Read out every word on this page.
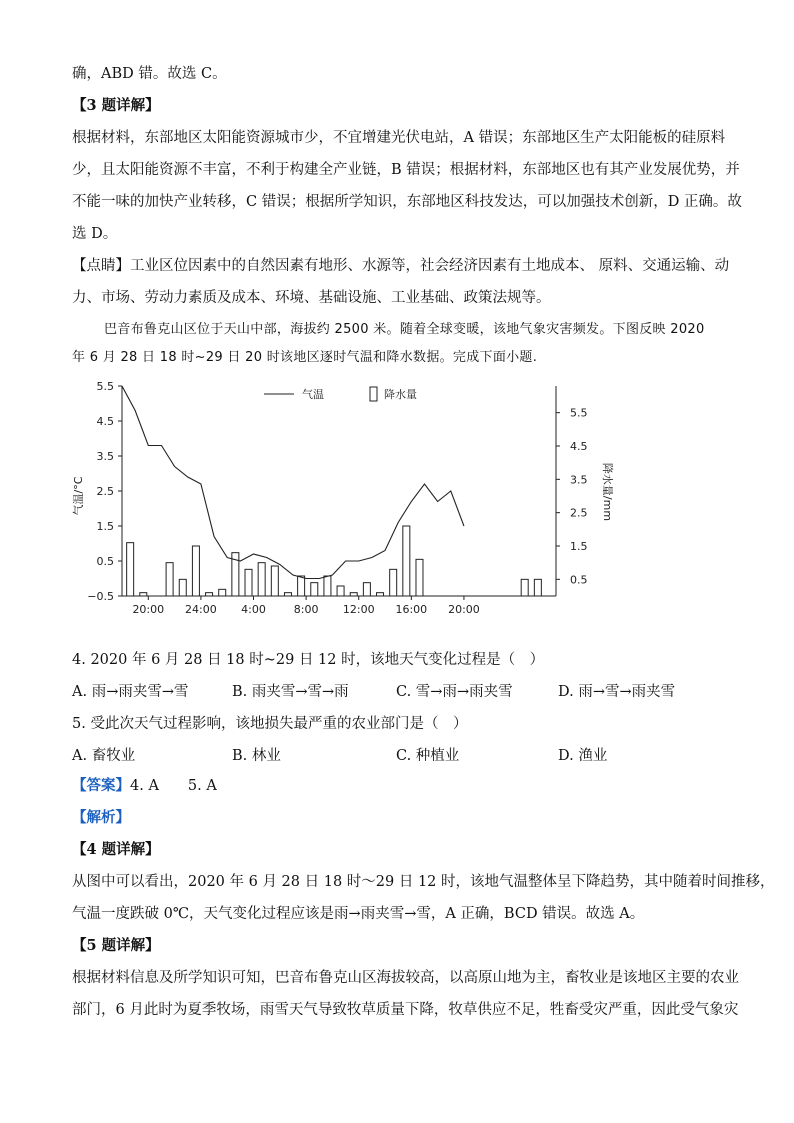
确，ABD 错。故选 C。
【3 题详解】
根据材料，东部地区太阳能资源城市少，不宜增建光伏电站，A 错误；东部地区生产太阳能板的硅原料
少，且太阳能资源不丰富，不利于构建全产业链，B 错误；根据材料，东部地区也有其产业发展优势，并
不能一味的加快产业转移，C 错误；根据所学知识，东部地区科技发达，可以加强技术创新，D 正确。故
选 D。
【点睛】工业区位因素中的自然因素有地形、水源等，社会经济因素有土地成本、 原料、交通运输、动
力、市场、劳动力素质及成本、环境、基础设施、工业基础、政策法规等。
巴音布鲁克山区位于天山中部，海拔约 2500 米。随着全球变暖，该地气象灾害频发。下图反映 2020
年 6 月 28 日 18 时~29 日 20 时该地区逐时气温和降水数据。完成下面小题.
5.5
4.5
3.5
2.5
1.5
0.5
−0.5
气温/°C
5.5
4.5
3.5
2.5
1.5
0.5
降水量/mm
20:00 24:00 4:00	8:00 12:00 16:00 20:00
气温	降水量
4. 2020 年 6 月 28 日 18 时~29 日 12 时，该地天气变化过程是（　）
A. 雨→雨夹雪→雪	B. 雨夹雪→雪→雨	C. 雪→雨→雨夹雪	D. 雨→雪→雨夹雪
5. 受此次天气过程影响，该地损失最严重的农业部门是（　）
A. 畜牧业	B. 林业	C. 种植业	D. 渔业
【答案】4. A　　5. A
【解析】
【4 题详解】
从图中可以看出，2020 年 6 月 28 日 18 时～29 日 12 时，该地气温整体呈下降趋势，其中随着时间推移，
气温一度跌破 0℃，天气变化过程应该是雨→雨夹雪→雪，A 正确，BCD 错误。故选 A。
【5 题详解】
根据材料信息及所学知识可知，巴音布鲁克山区海拔较高，以高原山地为主，畜牧业是该地区主要的农业
部门，6 月此时为夏季牧场，雨雪天气导致牧草质量下降，牧草供应不足，牲畜受灾严重，因此受气象灾
